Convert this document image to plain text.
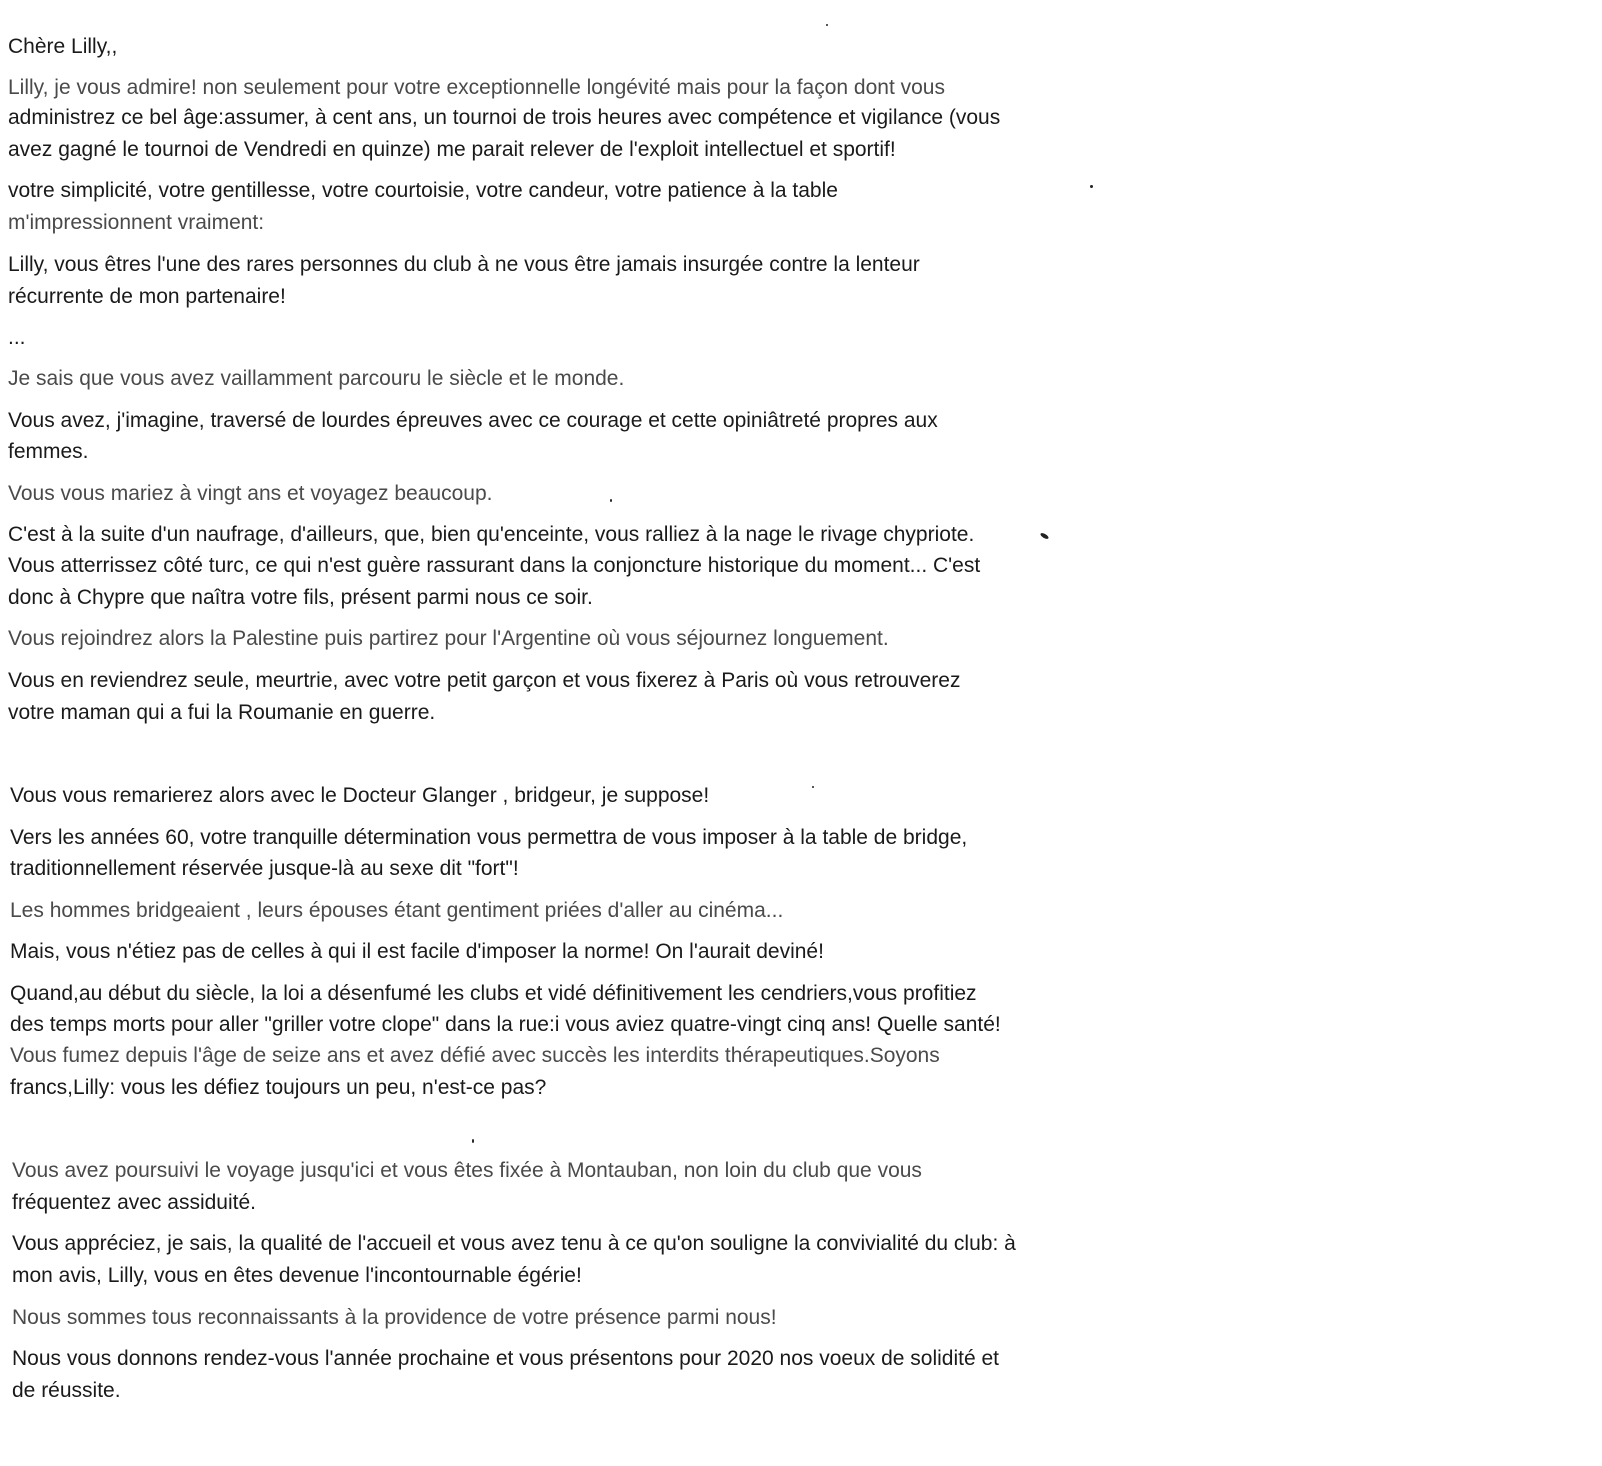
Chère Lilly,,

Lilly, je vous admire! non seulement pour votre exceptionnelle longévité mais pour la façon dont vous

administrez ce bel âge:assumer, à cent ans, un tournoi de trois heures avec compétence et vigilance (vous

avez gagné le tournoi de Vendredi en quinze) me parait relever de l'exploit intellectuel et sportif!

votre simplicité, votre gentillesse, votre courtoisie, votre candeur, votre patience à la table

m'impressionnent vraiment:

Lilly, vous êtres l'une des rares personnes du club à ne vous être jamais insurgée contre la lenteur

récurrente de mon partenaire!

...

Je sais que vous avez vaillamment parcouru le siècle et le monde.

Vous avez, j'imagine, traversé de lourdes épreuves avec ce courage et cette opiniâtreté propres aux

femmes.

Vous vous mariez à vingt ans et voyagez beaucoup.

C'est à la suite d'un naufrage, d'ailleurs, que, bien qu'enceinte, vous ralliez à la nage le rivage chypriote.

Vous atterrissez côté turc, ce qui n'est guère rassurant dans la conjoncture historique du moment... C'est

donc à Chypre que naîtra votre fils, présent parmi nous ce soir.

Vous rejoindrez alors la Palestine puis partirez pour l'Argentine où vous séjournez longuement.

Vous en reviendrez seule, meurtrie, avec votre petit garçon et vous fixerez à Paris où vous retrouverez

votre maman qui a fui la Roumanie en guerre.

Vous vous remarierez alors avec le Docteur Glanger , bridgeur, je suppose!

Vers les années 60, votre tranquille détermination vous permettra de vous imposer à la table de bridge,

traditionnellement réservée jusque-là au sexe dit "fort"!

Les hommes bridgeaient , leurs épouses étant gentiment priées d'aller au cinéma...

Mais, vous n'étiez pas de celles à qui il est facile d'imposer la norme! On l'aurait deviné!

Quand,au début du siècle, la loi a désenfumé les clubs et vidé définitivement les cendriers,vous profitiez

des temps morts pour aller "griller votre clope" dans la rue:i vous aviez quatre-vingt cinq ans! Quelle santé!

Vous fumez depuis l'âge de seize ans et avez défié avec succès les interdits thérapeutiques.Soyons

francs,Lilly: vous les défiez toujours un peu, n'est-ce pas?

Vous avez poursuivi le voyage jusqu'ici et vous êtes fixée à Montauban, non loin du club que vous

fréquentez avec assiduité.

Vous appréciez, je sais, la qualité de l'accueil et vous avez tenu à ce qu'on souligne la convivialité du club: à

mon avis, Lilly, vous en êtes devenue l'incontournable égérie!

Nous sommes tous reconnaissants à la providence de votre présence parmi nous!

Nous vous donnons rendez-vous l'année prochaine et vous présentons pour 2020 nos voeux de solidité et

de réussite.
